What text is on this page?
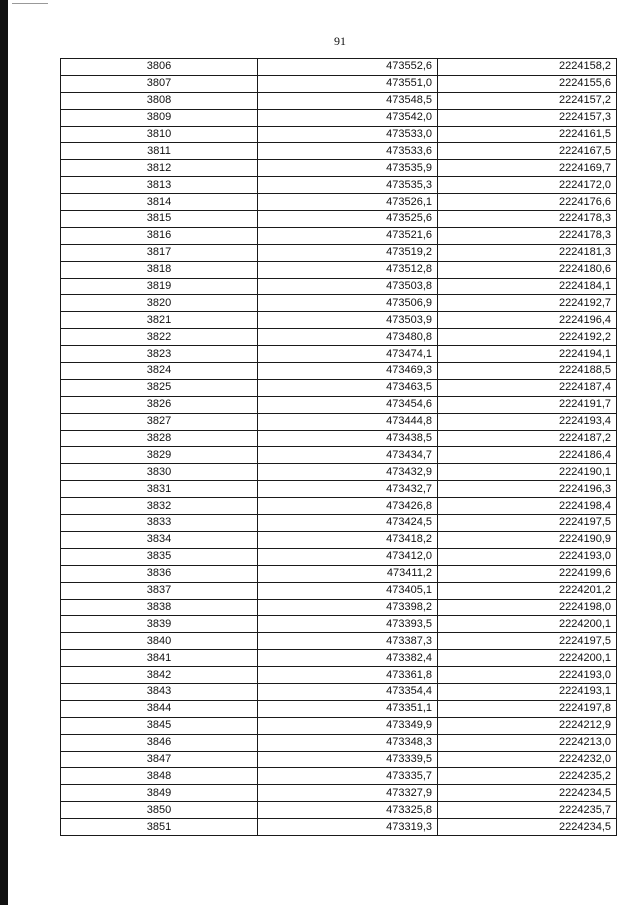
91
3806	473552,6	2224158,2
3807	473551,0	2224155,6
3808	473548,5	2224157,2
3809	473542,0	2224157,3
3810	473533,0	2224161,5
3811	473533,6	2224167,5
3812	473535,9	2224169,7
3813	473535,3	2224172,0
3814	473526,1	2224176,6
3815	473525,6	2224178,3
3816	473521,6	2224178,3
3817	473519,2	2224181,3
3818	473512,8	2224180,6
3819	473503,8	2224184,1
3820	473506,9	2224192,7
3821	473503,9	2224196,4
3822	473480,8	2224192,2
3823	473474,1	2224194,1
3824	473469,3	2224188,5
3825	473463,5	2224187,4
3826	473454,6	2224191,7
3827	473444,8	2224193,4
3828	473438,5	2224187,2
3829	473434,7	2224186,4
3830	473432,9	2224190,1
3831	473432,7	2224196,3
3832	473426,8	2224198,4
3833	473424,5	2224197,5
3834	473418,2	2224190,9
3835	473412,0	2224193,0
3836	473411,2	2224199,6
3837	473405,1	2224201,2
3838	473398,2	2224198,0
3839	473393,5	2224200,1
3840	473387,3	2224197,5
3841	473382,4	2224200,1
3842	473361,8	2224193,0
3843	473354,4	2224193,1
3844	473351,1	2224197,8
3845	473349,9	2224212,9
3846	473348,3	2224213,0
3847	473339,5	2224232,0
3848	473335,7	2224235,2
3849	473327,9	2224234,5
3850	473325,8	2224235,7
3851	473319,3	2224234,5
